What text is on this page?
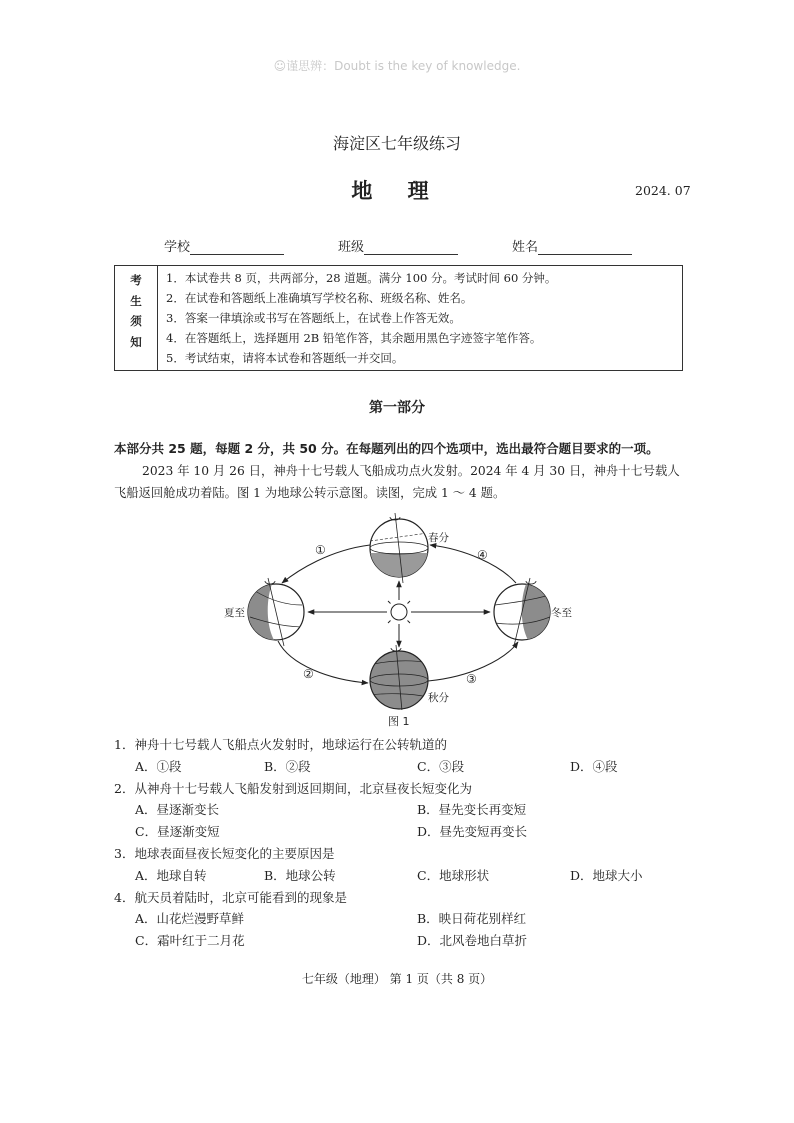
☺谨思辨：Doubt is the key of knowledge.
海淀区七年级练习
地 理	2024. 07
学校	班级	姓名
考
生
须
知

1．本试卷共 8 页，共两部分，28 道题。满分 100 分。考试时间 60 分钟。
2．在试卷和答题纸上准确填写学校名称、班级名称、姓名。
3．答案一律填涂或书写在答题纸上，在试卷上作答无效。
4．在答题纸上，选择题用 2B 铅笔作答，其余题用黑色字迹签字笔作答。
5．考试结束，请将本试卷和答题纸一并交回。
第一部分
本部分共 25 题，每题 2 分，共 50 分。在每题列出的四个选项中，选出最符合题目要求的一项。
2023 年 10 月 26 日，神舟十七号载人飞船成功点火发射。2024 年 4 月 30 日，神舟十七号载人飞船返回舱成功着陆。图 1 为地球公转示意图。读图，完成 1 ～ 4 题。
春分
夏至
秋分
冬至
①
②	③
④
图 1
1．神舟十七号载人飞船点火发射时，地球运行在公转轨道的
A．①段	B．②段	C．③段	D．④段
2．从神舟十七号载人飞船发射到返回期间，北京昼夜长短变化为
A．昼逐渐变长	B．昼先变长再变短
C．昼逐渐变短	D．昼先变短再变长
3．地球表面昼夜长短变化的主要原因是
A．地球自转	B．地球公转	C．地球形状	D．地球大小
4．航天员着陆时，北京可能看到的现象是
A．山花烂漫野草鲜	B．映日荷花别样红
C．霜叶红于二月花	D．北风卷地白草折
七年级（地理） 第 1 页（共 8 页）
